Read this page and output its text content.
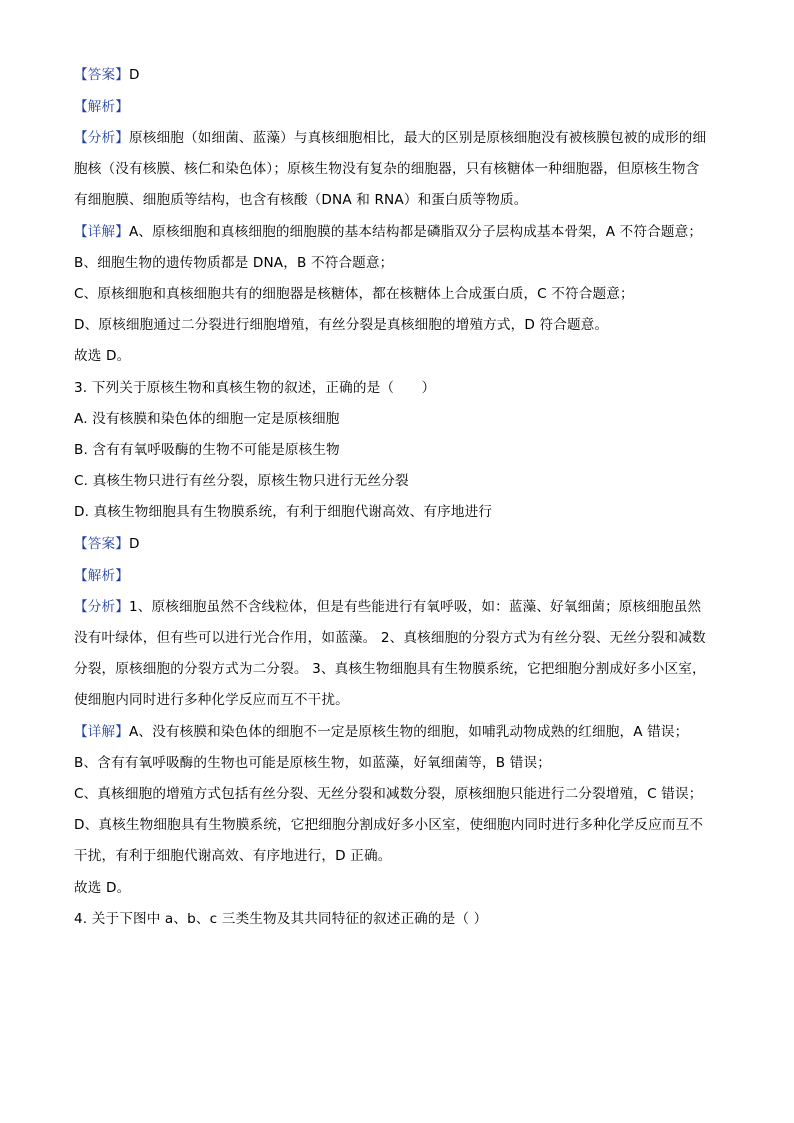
【答案】D
【解析】
【分析】原核细胞（如细菌、蓝藻）与真核细胞相比，最大的区别是原核细胞没有被核膜包被的成形的细
胞核（没有核膜、核仁和染色体）；原核生物没有复杂的细胞器，只有核糖体一种细胞器，但原核生物含
有细胞膜、细胞质等结构，也含有核酸（DNA 和 RNA）和蛋白质等物质。
【详解】A、原核细胞和真核细胞的细胞膜的基本结构都是磷脂双分子层构成基本骨架，A 不符合题意；
B、细胞生物的遗传物质都是 DNA，B 不符合题意；
C、原核细胞和真核细胞共有的细胞器是核糖体，都在核糖体上合成蛋白质，C 不符合题意；
D、原核细胞通过二分裂进行细胞增殖，有丝分裂是真核细胞的增殖方式，D 符合题意。
故选 D。
3. 下列关于原核生物和真核生物的叙述，正确的是（　　）
A. 没有核膜和染色体的细胞一定是原核细胞
B. 含有有氧呼吸酶的生物不可能是原核生物
C. 真核生物只进行有丝分裂，原核生物只进行无丝分裂
D. 真核生物细胞具有生物膜系统，有利于细胞代谢高效、有序地进行
【答案】D
【解析】
【分析】1、原核细胞虽然不含线粒体，但是有些能进行有氧呼吸，如：蓝藻、好氧细菌；原核细胞虽然
没有叶绿体，但有些可以进行光合作用，如蓝藻。 2、真核细胞的分裂方式为有丝分裂、无丝分裂和减数
分裂，原核细胞的分裂方式为二分裂。 3、真核生物细胞具有生物膜系统，它把细胞分割成好多小区室，
使细胞内同时进行多种化学反应而互不干扰。
【详解】A、没有核膜和染色体的细胞不一定是原核生物的细胞，如哺乳动物成熟的红细胞，A 错误；
B、含有有氧呼吸酶的生物也可能是原核生物，如蓝藻，好氧细菌等，B 错误；
C、真核细胞的增殖方式包括有丝分裂、无丝分裂和减数分裂，原核细胞只能进行二分裂增殖，C 错误；
D、真核生物细胞具有生物膜系统，它把细胞分割成好多小区室，使细胞内同时进行多种化学反应而互不
干扰，有利于细胞代谢高效、有序地进行，D 正确。
故选 D。
4. 关于下图中 a、b、c 三类生物及其共同特征的叙述正确的是（ ）
